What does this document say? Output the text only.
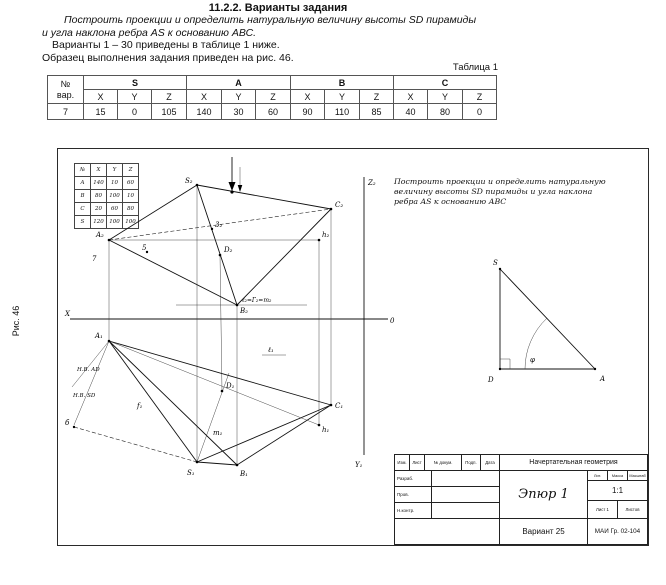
11.2.2. Варианты задания
Построить проекции и определить натуральную величину высоты SD пирамиды
и угла наклона ребра AS к основанию АВС.
Варианты 1 – 30 приведены в таблице 1 ниже.
Образец выполнения задания приведен на рис. 46.
Таблица 1
№
вар.	S			A			B			C		
	X	Y	Z	X	Y	Z	X	Y	Z	X	Y	Z
7	15	0	105	140	30	60	90	110	85	40	80	0
Рис. 46
№	X	Y	Z
A	140	10	60
B	80	100	10
C	20	60	80
S	120	100	100
Построить проекции и определить натуральную
величину высоты SD пирамиды и угла наклона
ребра AS к основанию АВС
X
0
Z₂
Y₁
S₂
A₂
C₂
B₂
D₂
h₂
3₂
5
7
ℓ₂=Г₂=m₂
S₁
A₁
C₁
B₁
D₁
h₁
m₁
ℓ₁
f₁
б
Н.В. АD
Н.В. SD
S
D	A
φ
Изм.	Лист	№ докум.	Подп.	Дата	Начертательная геометрия
Разраб.
Пров.
Н.контр.
Эпюр 1
Лит.	Масса	Масштаб
1:1
Лист 1	Листов
Вариант 25	МАИ Гр. 02-104
